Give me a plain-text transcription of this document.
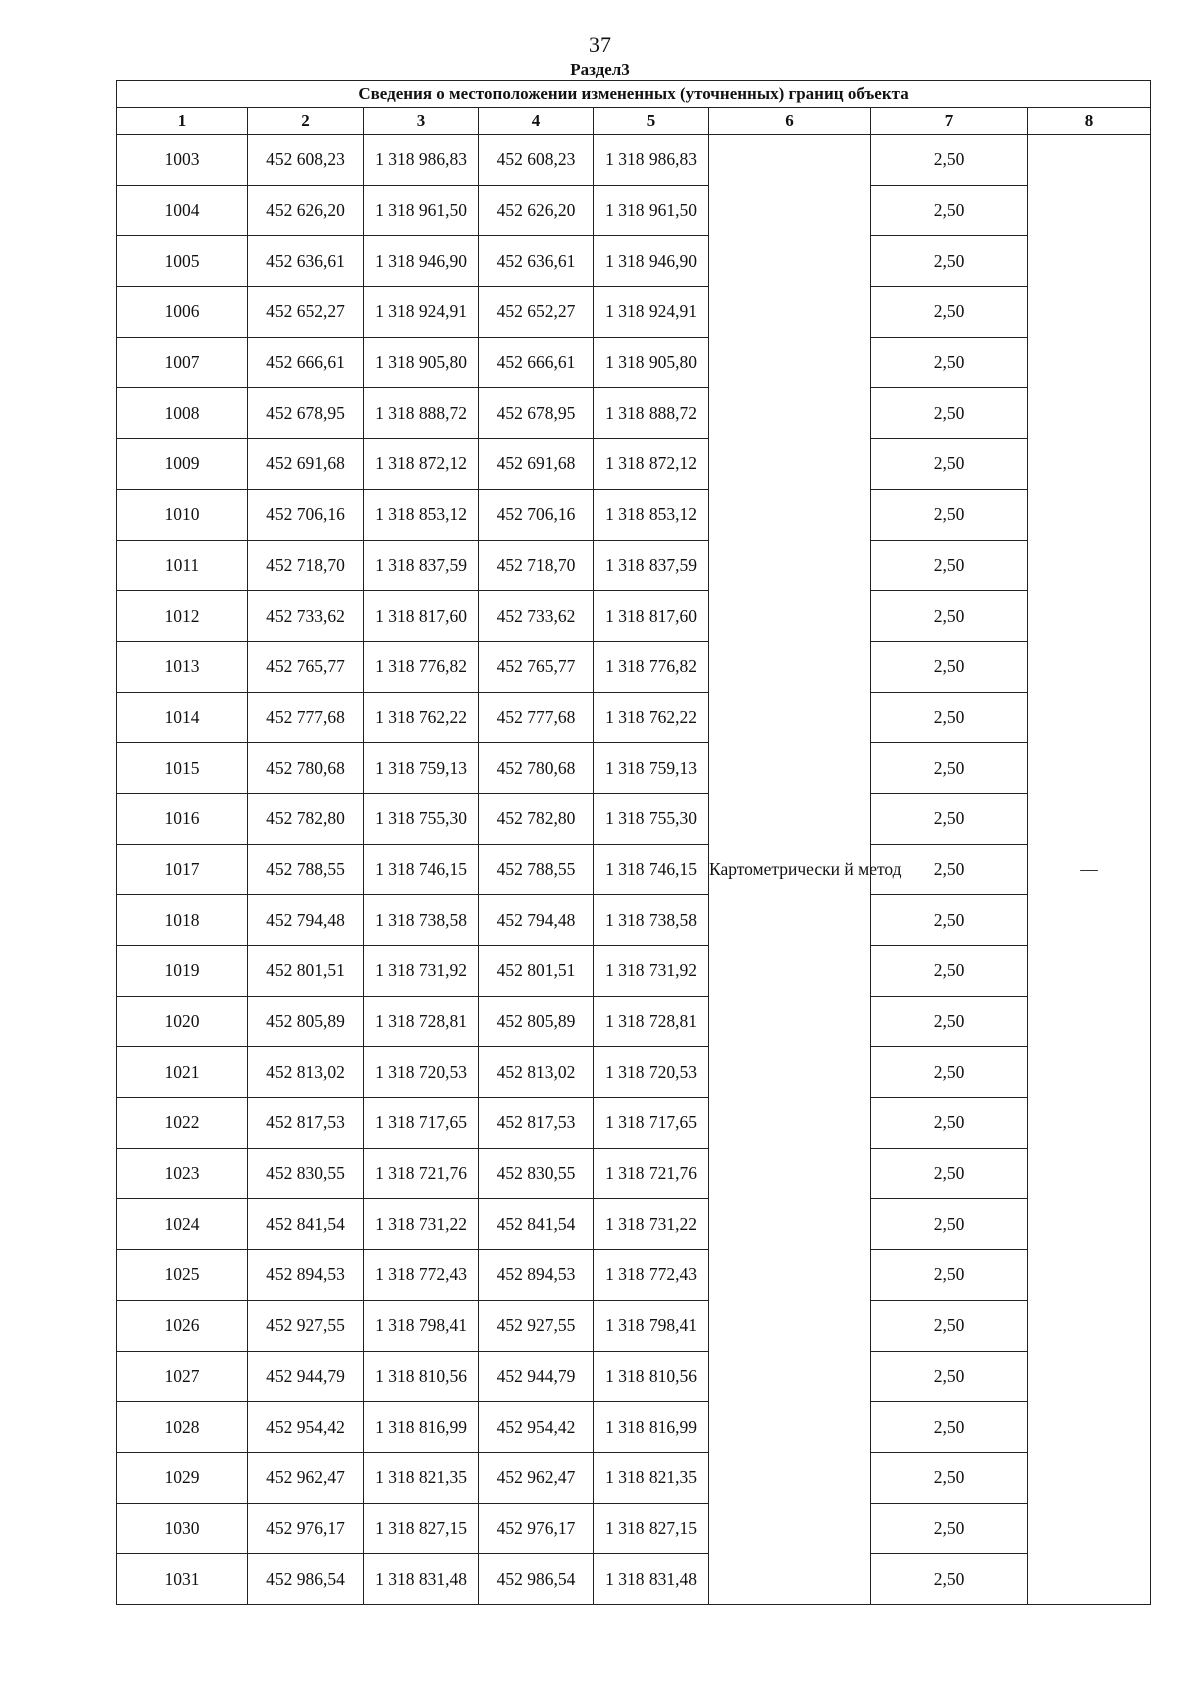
37
Раздел3
Сведения о местоположении измененных (уточненных) границ объекта							
1	2	3	4	5	6	7	8
1003	452 608,23	1 318 986,83	452 608,23	1 318 986,83	Картометрически й метод	2,50	—
1004	452 626,20	1 318 961,50	452 626,20	1 318 961,50		2,50	
1005	452 636,61	1 318 946,90	452 636,61	1 318 946,90		2,50	
1006	452 652,27	1 318 924,91	452 652,27	1 318 924,91		2,50	
1007	452 666,61	1 318 905,80	452 666,61	1 318 905,80		2,50	
1008	452 678,95	1 318 888,72	452 678,95	1 318 888,72		2,50	
1009	452 691,68	1 318 872,12	452 691,68	1 318 872,12		2,50	
1010	452 706,16	1 318 853,12	452 706,16	1 318 853,12		2,50	
1011	452 718,70	1 318 837,59	452 718,70	1 318 837,59		2,50	
1012	452 733,62	1 318 817,60	452 733,62	1 318 817,60		2,50	
1013	452 765,77	1 318 776,82	452 765,77	1 318 776,82		2,50	
1014	452 777,68	1 318 762,22	452 777,68	1 318 762,22		2,50	
1015	452 780,68	1 318 759,13	452 780,68	1 318 759,13		2,50	
1016	452 782,80	1 318 755,30	452 782,80	1 318 755,30		2,50	
1017	452 788,55	1 318 746,15	452 788,55	1 318 746,15		2,50	
1018	452 794,48	1 318 738,58	452 794,48	1 318 738,58		2,50	
1019	452 801,51	1 318 731,92	452 801,51	1 318 731,92		2,50	
1020	452 805,89	1 318 728,81	452 805,89	1 318 728,81		2,50	
1021	452 813,02	1 318 720,53	452 813,02	1 318 720,53		2,50	
1022	452 817,53	1 318 717,65	452 817,53	1 318 717,65		2,50	
1023	452 830,55	1 318 721,76	452 830,55	1 318 721,76		2,50	
1024	452 841,54	1 318 731,22	452 841,54	1 318 731,22		2,50	
1025	452 894,53	1 318 772,43	452 894,53	1 318 772,43		2,50	
1026	452 927,55	1 318 798,41	452 927,55	1 318 798,41		2,50	
1027	452 944,79	1 318 810,56	452 944,79	1 318 810,56		2,50	
1028	452 954,42	1 318 816,99	452 954,42	1 318 816,99		2,50	
1029	452 962,47	1 318 821,35	452 962,47	1 318 821,35		2,50	
1030	452 976,17	1 318 827,15	452 976,17	1 318 827,15		2,50	
1031	452 986,54	1 318 831,48	452 986,54	1 318 831,48		2,50	
